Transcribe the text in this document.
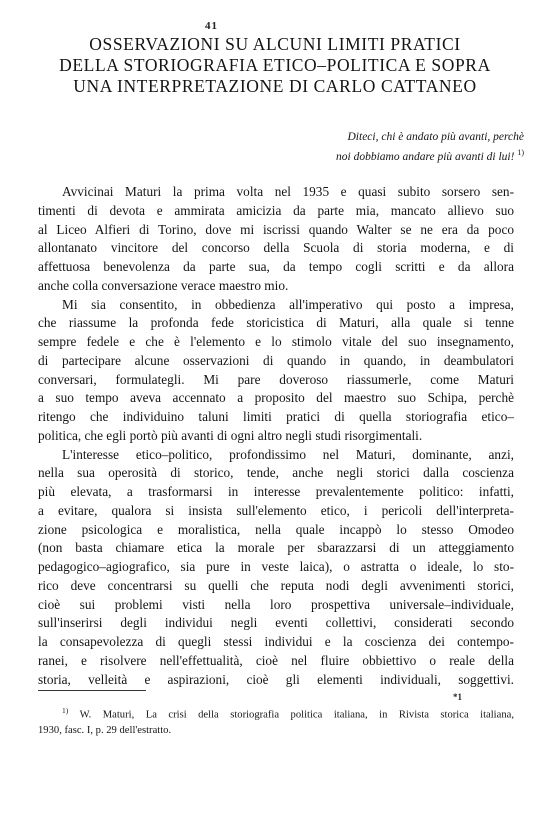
41
OSSERVAZIONI SU ALCUNI LIMITI PRATICI
DELLA STORIOGRAFIA ETICO–POLITICA E SOPRA
UNA INTERPRETAZIONE DI CARLO CATTANEO
Diteci, chi è andato più avanti, perchè
noi dobbiamo andare più avanti di lui! $^{1)}$
Avvicinai Maturi la prima volta nel 1935 e quasi subito sorsero sen-
timenti di devota e ammirata amicizia da parte mia, mancato allievo suo
al Liceo Alfieri di Torino, dove mi iscrissi quando Walter se ne era da poco
allontanato vincitore del concorso della Scuola di storia moderna, e di
affettuosa benevolenza da parte sua, da tempo cogli scritti e da allora
anche colla conversazione verace maestro mio.
Mi sia consentito, in obbedienza all'imperativo qui posto a impresa,
che riassume la profonda fede storicistica di Maturi, alla quale si tenne
sempre fedele e che è l'elemento e lo stimolo vitale del suo insegnamento,
di partecipare alcune osservazioni di quando in quando, in deambulatori
conversari, formulategli. Mi pare doveroso riassumerle, come Maturi
a suo tempo aveva accennato a proposito del maestro suo Schipa, perchè
ritengo che individuino taluni limiti pratici di quella storiografia etico–
politica, che egli portò più avanti di ogni altro negli studi risorgimentali.
L'interesse etico–politico, profondissimo nel Maturi, dominante, anzi,
nella sua operosità di storico, tende, anche negli storici dalla coscienza
più elevata, a trasformarsi in interesse prevalentemente politico: infatti,
a evitare, qualora si insista sull'elemento etico, i pericoli dell'interpreta-
zione psicologica e moralistica, nella quale incappò lo stesso Omodeo
(non basta chiamare etica la morale per sbarazzarsi di un atteggiamento
pedagogico–agiografico, sia pure in veste laica), o astratta o ideale, lo sto-
rico deve concentrarsi su quelli che reputa nodi degli avvenimenti storici,
cioè sui problemi visti nella loro prospettiva universale–individuale,
sull'inserirsi degli individui negli eventi collettivi, considerati secondo
la consapevolezza di quegli stessi individui e la coscienza dei contempo-
ranei, e risolvere nell'effettualità, cioè nel fluire obbiettivo o reale della
storia, velleità e aspirazioni, cioè gli elementi individuali, soggettivi.
*1
$^{1)}$ W. Maturi, La crisi della storiografia politica italiana, in Rivista storica italiana,
1930, fasc. I, p. 29 dell'estratto.
